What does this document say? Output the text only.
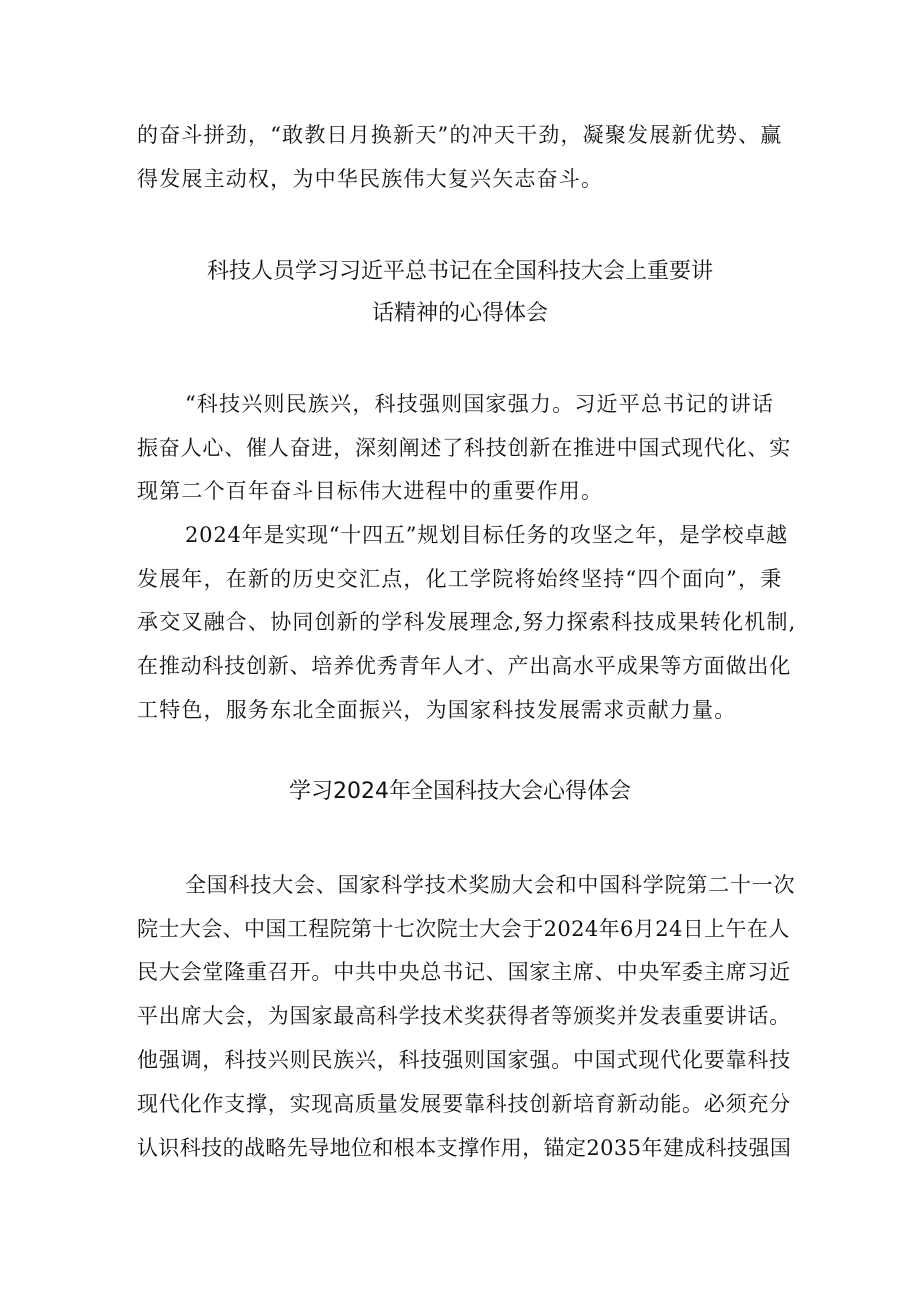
的奋斗拼劲，“敢教日月换新天”的冲天干劲，凝聚发展新优势、赢
得发展主动权，为中华民族伟大复兴矢志奋斗。
科技人员学习习近平总书记在全国科技大会上重要讲
话精神的心得体会
“科技兴则民族兴，科技强则国家强力。习近平总书记的讲话
振奋人心、催人奋进，深刻阐述了科技创新在推进中国式现代化、实
现第二个百年奋斗目标伟大进程中的重要作用。
2024年是实现“十四五”规划目标任务的攻坚之年，是学校卓越
发展年，在新的历史交汇点，化工学院将始终坚持“四个面向”，秉
承交叉融合、协同创新的学科发展理念,努力探索科技成果转化机制,
在推动科技创新、培养优秀青年人才、产出高水平成果等方面做出化
工特色，服务东北全面振兴，为国家科技发展需求贡献力量。
学习2024年全国科技大会心得体会
全国科技大会、国家科学技术奖励大会和中国科学院第二十一次
院士大会、中国工程院第十七次院士大会于2024年6月24日上午在人
民大会堂隆重召开。中共中央总书记、国家主席、中央军委主席习近
平出席大会，为国家最高科学技术奖获得者等颁奖并发表重要讲话。
他强调，科技兴则民族兴，科技强则国家强。中国式现代化要靠科技
现代化作支撑，实现高质量发展要靠科技创新培育新动能。必须充分
认识科技的战略先导地位和根本支撑作用，锚定2035年建成科技强国
